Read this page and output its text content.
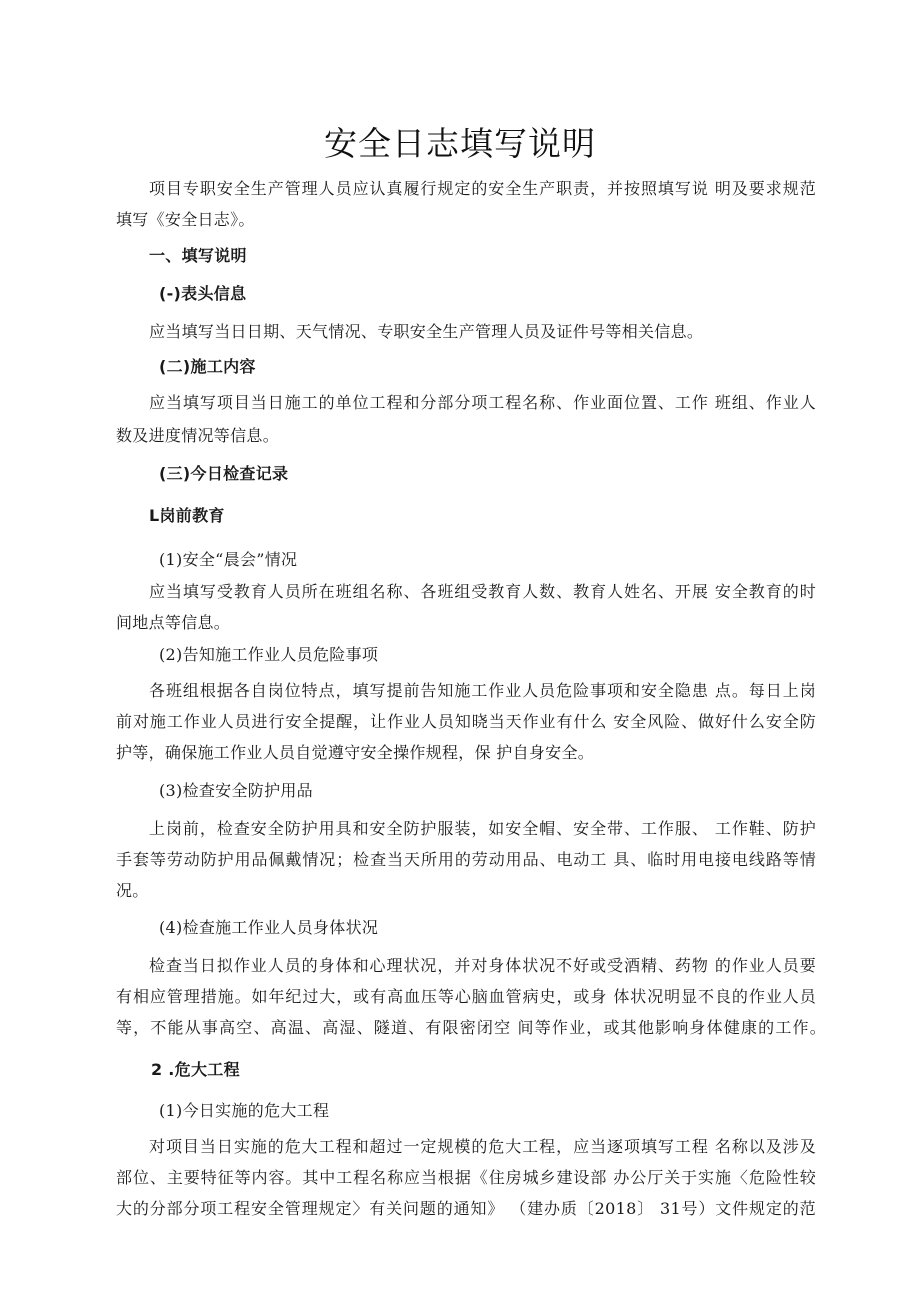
安全日志填写说明
项目专职安全生产管理人员应认真履行规定的安全生产职责，并按照填写说 明及要求规范
填写《安全日志》。
一、填写说明
(-)表头信息
应当填写当日日期、天气情况、专职安全生产管理人员及证件号等相关信息。
(二)施工内容
应当填写项目当日施工的单位工程和分部分项工程名称、作业面位置、工作 班组、作业人
数及进度情况等信息。
(三)今日检查记录
L岗前教育
(1)安全“晨会”情况
应当填写受教育人员所在班组名称、各班组受教育人数、教育人姓名、开展 安全教育的时
间地点等信息。
(2)告知施工作业人员危险事项
各班组根据各自岗位特点，填写提前告知施工作业人员危险事项和安全隐患 点。每日上岗
前对施工作业人员进行安全提醒，让作业人员知晓当天作业有什么 安全风险、做好什么安全防
护等，确保施工作业人员自觉遵守安全操作规程，保 护自身安全。
(3)检查安全防护用品
上岗前，检查安全防护用具和安全防护服装，如安全帽、安全带、工作服、 工作鞋、防护
手套等劳动防护用品佩戴情况；检查当天所用的劳动用品、电动工 具、临时用电接电线路等情
况。
(4)检查施工作业人员身体状况
检查当日拟作业人员的身体和心理状况，并对身体状况不好或受酒精、药物 的作业人员要
有相应管理措施。如年纪过大，或有高血压等心脑血管病史，或身 体状况明显不良的作业人员
等，不能从事高空、高温、高湿、隧道、有限密闭空 间等作业，或其他影响身体健康的工作。
2 .危大工程
(1)今日实施的危大工程
对项目当日实施的危大工程和超过一定规模的危大工程，应当逐项填写工程 名称以及涉及
部位、主要特征等内容。其中工程名称应当根据《住房城乡建设部 办公厅关于实施〈危险性较
大的分部分项工程安全管理规定〉有关问题的通知》 （建办质〔2018〕 31号）文件规定的范
